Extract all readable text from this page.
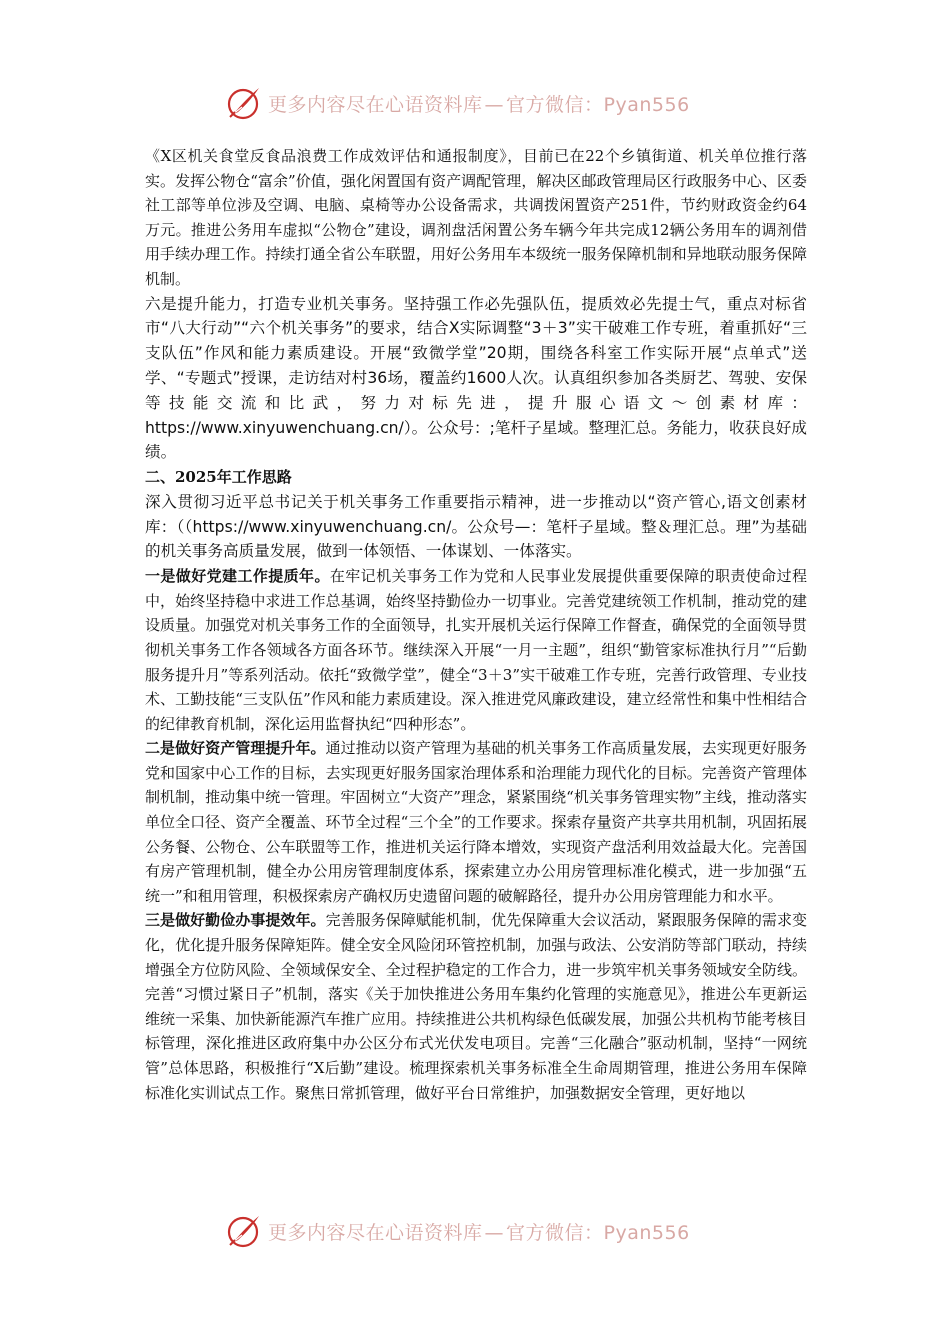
更多内容尽在心语资料库 — 官方微信：Pyan556

《X区机关食堂反食品浪费工作成效评估和通报制度》，目前已在22个乡镇街道、机关单位推行落实。发挥公物仓“富余”价值，强化闲置国有资产调配管理，解决区邮政管理局区行政服务中心、区委社工部等单位涉及空调、电脑、桌椅等办公设备需求，共调拨闲置资产251件，节约财政资金约64万元。推进公务用车虚拟“公物仓”建设，调剂盘活闲置公务车辆今年共完成12辆公务用车的调剂借用手续办理工作。持续打通全省公车联盟，用好公务用车本级统一服务保障机制和异地联动服务保障机制。

六是提升能力，打造专业机关事务。坚持强工作必先强队伍，提质效必先提士气，重点对标省市“八大行动”“六个机关事务”的要求，结合X实际调整“3＋3”实干破难工作专班，着重抓好“三支队伍”作风和能力素质建设。开展“致微学堂”20期，围绕各科室工作实际开展“点单式”送学、“专题式”授课，走访结对村36场，覆盖约1600人次。认真组织参加各类厨艺、驾驶、安保等技能交流和比武，努力对标先进，提升服心语文～创素材库：https://www.xinyuwenchuang.cn/）。公众号：;笔杆子星域。整理汇总。务能力，收获良好成绩。

二、2025年工作思路

深入贯彻习近平总书记关于机关事务工作重要指示精神，进一步推动以“资产管心,语文创素材库：（（https://www.xinyuwenchuang.cn/。公众号—：笔杆子星域。整＆理汇总。理”为基础的机关事务高质量发展，做到一体领悟、一体谋划、一体落实。

一是做好党建工作提质年。在牢记机关事务工作为党和人民事业发展提供重要保障的职责使命过程中，始终坚持稳中求进工作总基调，始终坚持勤俭办一切事业。完善党建统领工作机制，推动党的建设质量。加强党对机关事务工作的全面领导，扎实开展机关运行保障工作督查，确保党的全面领导贯彻机关事务工作各领域各方面各环节。继续深入开展“一月一主题”，组织“勤管家标准执行月”“后勤服务提升月”等系列活动。依托“致微学堂”，健全“3＋3”实干破难工作专班，完善行政管理、专业技术、工勤技能“三支队伍”作风和能力素质建设。深入推进党风廉政建设，建立经常性和集中性相结合的纪律教育机制，深化运用监督执纪“四种形态”。

二是做好资产管理提升年。通过推动以资产管理为基础的机关事务工作高质量发展，去实现更好服务党和国家中心工作的目标，去实现更好服务国家治理体系和治理能力现代化的目标。完善资产管理体制机制，推动集中统一管理。牢固树立“大资产”理念，紧紧围绕“机关事务管理实物”主线，推动落实单位全口径、资产全覆盖、环节全过程“三个全”的工作要求。探索存量资产共享共用机制，巩固拓展公务餐、公物仓、公车联盟等工作，推进机关运行降本增效，实现资产盘活利用效益最大化。完善国有房产管理机制，健全办公用房管理制度体系，探索建立办公用房管理标准化模式，进一步加强“五统一”和租用管理，积极探索房产确权历史遗留问题的破解路径，提升办公用房管理能力和水平。

三是做好勤俭办事提效年。完善服务保障赋能机制，优先保障重大会议活动，紧跟服务保障的需求变化，优化提升服务保障矩阵。健全安全风险闭环管控机制，加强与政法、公安消防等部门联动，持续增强全方位防风险、全领域保安全、全过程护稳定的工作合力，进一步筑牢机关事务领域安全防线。完善“习惯过紧日子”机制，落实《关于加快推进公务用车集约化管理的实施意见》，推进公车更新运维统一采集、加快新能源汽车推广应用。持续推进公共机构绿色低碳发展，加强公共机构节能考核目标管理，深化推进区政府集中办公区分布式光伏发电项目。完善“三化融合”驱动机制，坚持“一网统管”总体思路，积极推行“X后勤”建设。梳理探索机关事务标准全生命周期管理，推进公务用车保障标准化实训试点工作。聚焦日常抓管理，做好平台日常维护，加强数据安全管理，更好地以

更多内容尽在心语资料库 — 官方微信：Pyan556
